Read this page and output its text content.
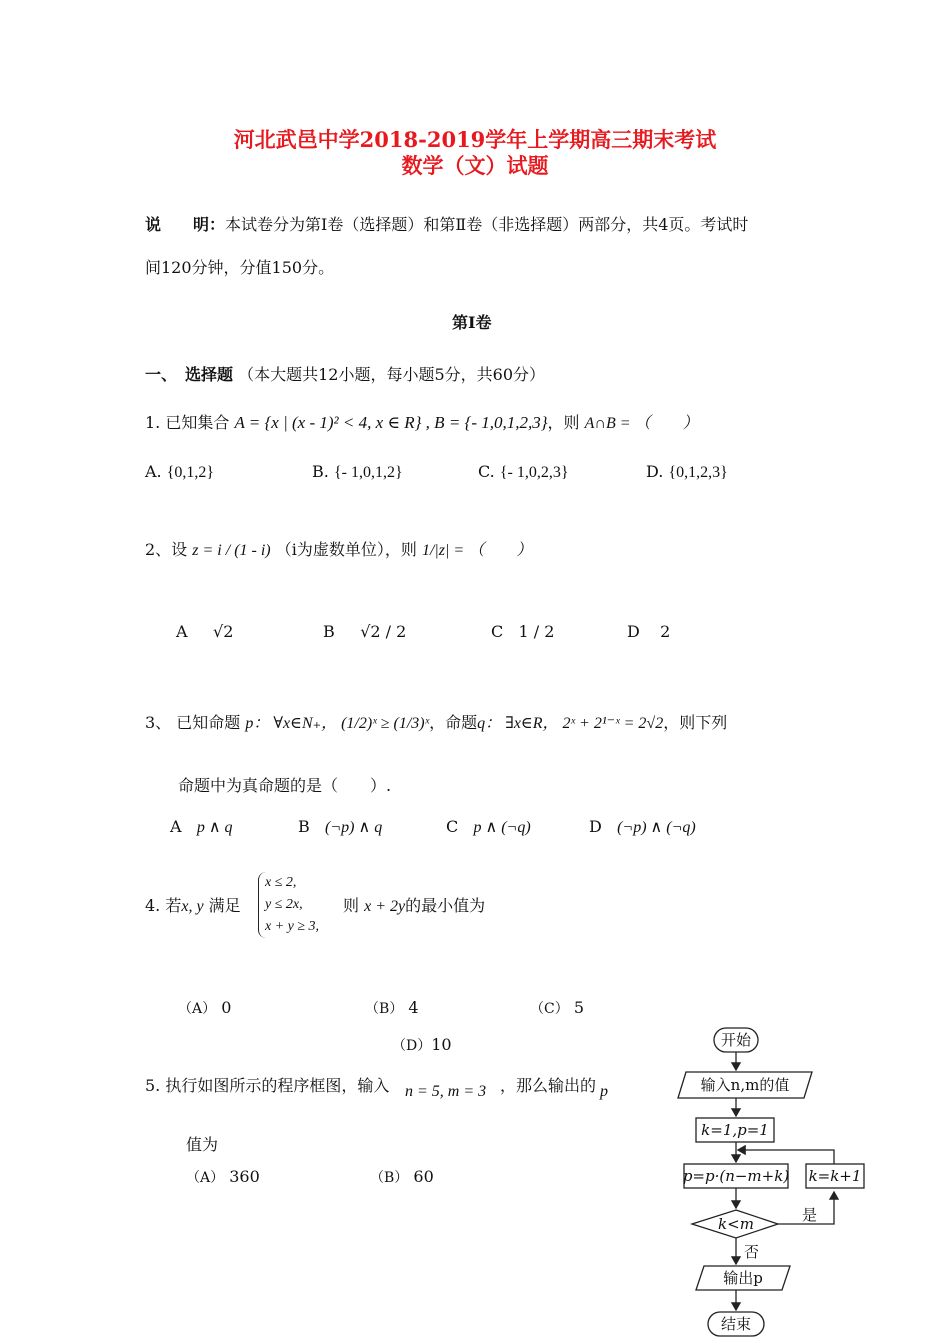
河北武邑中学2018-2019学年上学期高三期末考试
数学（文）试题
说　　明：本试卷分为第Ⅰ卷（选择题）和第Ⅱ卷（非选择题）两部分，共4页。考试时
间120分钟，分值150分。
第Ⅰ卷
一、　选择题 （本大题共12小题，每小题5分，共60分）
1. 已知集合 A = {x | (x - 1)² < 4, x ∈ R} , B = {- 1,0,1,2,3}，则 A∩B = （　　）
A. {0,1,2}	B. {- 1,0,1,2}	C. {- 1,0,2,3}	D. {0,1,2,3}
2、设 z = i / (1 - i) （i为虚数单位），则 1/|z| = （　　）
A √2	B √2 / 2	C 1 / 2	D 2
3、 已知命题 p： ∀x∈N₊， (1/2)ˣ ≥ (1/3)ˣ，命题q： ∃x∈R， 2ˣ + 2¹⁻ˣ = 2√2，则下列
命题中为真命题的是（　　）.
A p ∧ q	B (¬p) ∧ q	C p ∧ (¬q)	D (¬p) ∧ (¬q)
4. 若x, y 满足
x ≤ 2,
y ≤ 2x,
x + y ≥ 3,
则 x + 2y的最小值为
（A） 0	（B） 4	（C） 5
（D）10
5. 执行如图所示的程序框图，输入 n = 5, m = 3 ，那么输出的 p
值为
（A） 360	（B） 60
开始
输入n,m的值
k=1,p=1
p=p·(n−m+k) k=k+1
k<m	是
否
输出p
结束
